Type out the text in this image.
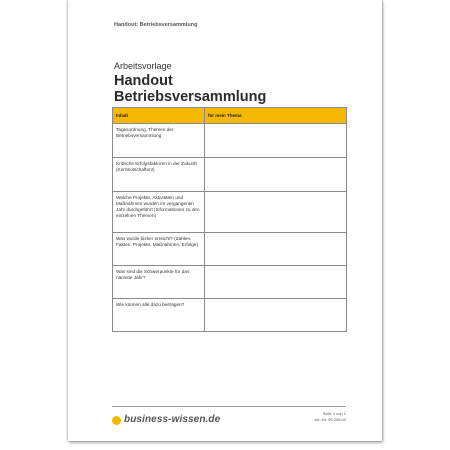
Handout: Betriebsversammlung
Arbeitsvorlage
Handout
Betriebsversammlung
Inhalt	für mein Thema
Tagesordnung, Themen der Betriebsversammlung	
Kritische Erfolgsfaktoren in der Zukunft (Kernbotschaften!)	
Welche Projekte, Aktivitäten und Maßnahmen wurden im vergangenen Jahr durchgeführt (Informationen zu den einzelnen Themen)	
Was wurde bisher erreicht? (Zahlen, Fakten, Projekte, Maßnahmen, Erfolge)	
Was sind die Schwerpunkte für das nächste Jahr?	
Wie können alle dazu beitragen?	
business-wissen.de
Seite 1 von 1
Art.-Nr. 99.205.00
